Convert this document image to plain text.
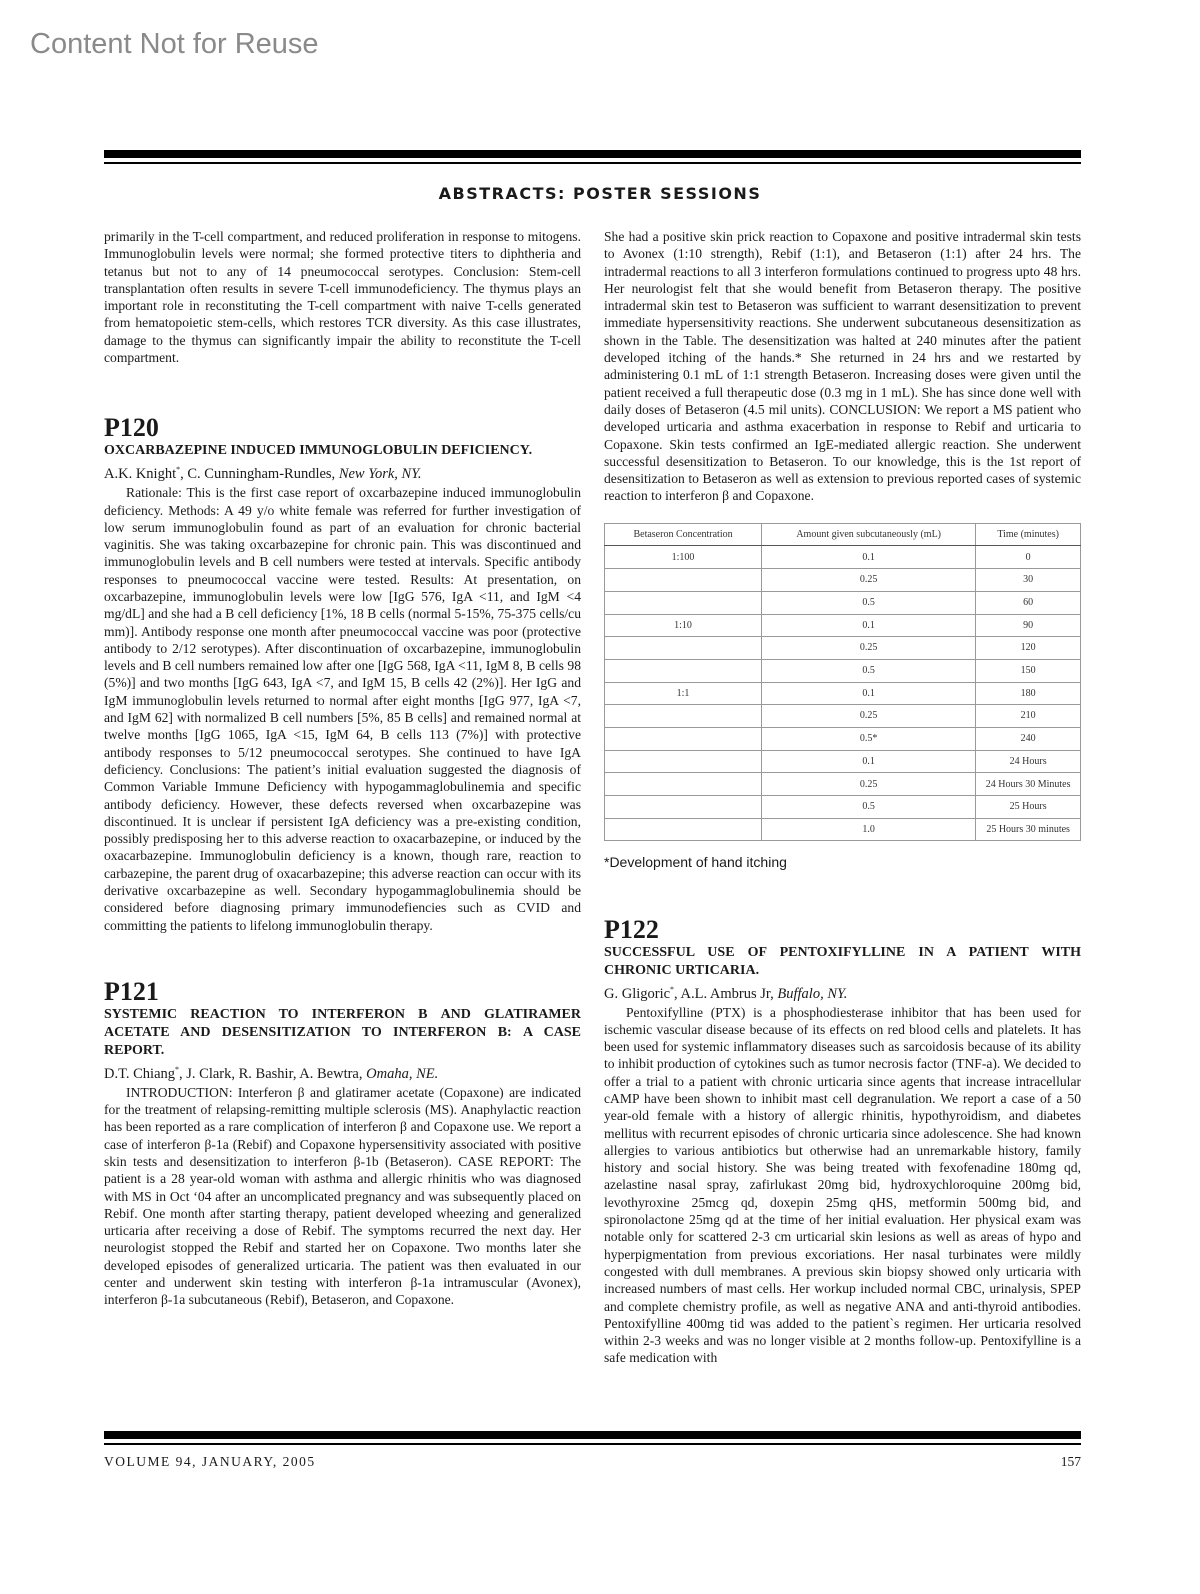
Content Not for Reuse
ABSTRACTS: POSTER SESSIONS

primarily in the T-cell compartment, and reduced proliferation in response to mitogens. Immunoglobulin levels were normal; she formed protective titers to diphtheria and tetanus but not to any of 14 pneumococcal serotypes. Conclusion: Stem-cell transplantation often results in severe T-cell immunodeficiency. The thymus plays an important role in reconstituting the T-cell compartment with naive T-cells generated from hematopoietic stem-cells, which restores TCR diversity. As this case illustrates, damage to the thymus can significantly impair the ability to reconstitute the T-cell compartment.

P120

OXCARBAZEPINE INDUCED IMMUNOGLOBULIN DEFICIENCY.

A.K. Knight*, C. Cunningham-Rundles, New York, NY.

Rationale: This is the first case report of oxcarbazepine induced immunoglobulin deficiency. Methods: A 49 y/o white female was referred for further investigation of low serum immunoglobulin found as part of an evaluation for chronic bacterial vaginitis. She was taking oxcarbazepine for chronic pain. This was discontinued and immunoglobulin levels and B cell numbers were tested at intervals. Specific antibody responses to pneumococcal vaccine were tested. Results: At presentation, on oxcarbazepine, immunoglobulin levels were low [IgG 576, IgA <11, and IgM <4 mg/dL] and she had a B cell deficiency [1%, 18 B cells (normal 5-15%, 75-375 cells/cu mm)]. Antibody response one month after pneumococcal vaccine was poor (protective antibody to 2/12 serotypes). After discontinuation of oxcarbazepine, immunoglobulin levels and B cell numbers remained low after one [IgG 568, IgA <11, IgM 8, B cells 98 (5%)] and two months [IgG 643, IgA <7, and IgM 15, B cells 42 (2%)]. Her IgG and IgM immunoglobulin levels returned to normal after eight months [IgG 977, IgA <7, and IgM 62] with normalized B cell numbers [5%, 85 B cells] and remained normal at twelve months [IgG 1065, IgA <15, IgM 64, B cells 113 (7%)] with protective antibody responses to 5/12 pneumococcal serotypes. She continued to have IgA deficiency. Conclusions: The patient’s initial evaluation suggested the diagnosis of Common Variable Immune Deficiency with hypogammaglobulinemia and specific antibody deficiency. However, these defects reversed when oxcarbazepine was discontinued. It is unclear if persistent IgA deficiency was a pre-existing condition, possibly predisposing her to this adverse reaction to oxacarbazepine, or induced by the oxacarbazepine. Immunoglobulin deficiency is a known, though rare, reaction to carbazepine, the parent drug of oxacarbazepine; this adverse reaction can occur with its derivative oxcarbazepine as well. Secondary hypogammaglobulinemia should be considered before diagnosing primary immunodefiencies such as CVID and committing the patients to lifelong immunoglobulin therapy.

P121

SYSTEMIC REACTION TO INTERFERON Β AND GLATIRAMER ACETATE AND DESENSITIZATION TO INTERFERON Β: A CASE REPORT.

D.T. Chiang*, J. Clark, R. Bashir, A. Bewtra, Omaha, NE.

INTRODUCTION: Interferon β and glatiramer acetate (Copaxone) are indicated for the treatment of relapsing-remitting multiple sclerosis (MS). Anaphylactic reaction has been reported as a rare complication of interferon β and Copaxone use. We report a case of interferon β-1a (Rebif) and Copaxone hypersensitivity associated with positive skin tests and desensitization to interferon β-1b (Betaseron). CASE REPORT: The patient is a 28 year-old woman with asthma and allergic rhinitis who was diagnosed with MS in Oct ‘04 after an uncomplicated pregnancy and was subsequently placed on Rebif. One month after starting therapy, patient developed wheezing and generalized urticaria after receiving a dose of Rebif. The symptoms recurred the next day. Her neurologist stopped the Rebif and started her on Copaxone. Two months later she developed episodes of generalized urticaria. The patient was then evaluated in our center and underwent skin testing with interferon β-1a intramuscular (Avonex), interferon β-1a subcutaneous (Rebif), Betaseron, and Copaxone.

She had a positive skin prick reaction to Copaxone and positive intradermal skin tests to Avonex (1:10 strength), Rebif (1:1), and Betaseron (1:1) after 24 hrs. The intradermal reactions to all 3 interferon formulations continued to progress upto 48 hrs. Her neurologist felt that she would benefit from Betaseron therapy. The positive intradermal skin test to Betaseron was sufficient to warrant desensitization to prevent immediate hypersensitivity reactions. She underwent subcutaneous desensitization as shown in the Table. The desensitization was halted at 240 minutes after the patient developed itching of the hands.* She returned in 24 hrs and we restarted by administering 0.1 mL of 1:1 strength Betaseron. Increasing doses were given until the patient received a full therapeutic dose (0.3 mg in 1 mL). She has since done well with daily doses of Betaseron (4.5 mil units). CONCLUSION: We report a MS patient who developed urticaria and asthma exacerbation in response to Rebif and urticaria to Copaxone. Skin tests confirmed an IgE-mediated allergic reaction. She underwent successful desensitization to Betaseron. To our knowledge, this is the 1st report of desensitization to Betaseron as well as extension to previous reported cases of systemic reaction to interferon β and Copaxone.

Betaseron Concentration	Amount given subcutaneously (mL)	Time (minutes)
1:100	0.1	0
	0.25	30
	0.5	60
1:10	0.1	90
	0.25	120
	0.5	150
1:1	0.1	180
	0.25	210
	0.5*	240
	0.1	24 Hours
	0.25	24 Hours 30 Minutes
	0.5	25 Hours
	1.0	25 Hours 30 minutes

*Development of hand itching

P122

SUCCESSFUL USE OF PENTOXIFYLLINE IN A PATIENT WITH CHRONIC URTICARIA.

G. Gligoric*, A.L. Ambrus Jr, Buffalo, NY.

Pentoxifylline (PTX) is a phosphodiesterase inhibitor that has been used for ischemic vascular disease because of its effects on red blood cells and platelets. It has been used for systemic inflammatory diseases such as sarcoidosis because of its ability to inhibit production of cytokines such as tumor necrosis factor (TNF-a). We decided to offer a trial to a patient with chronic urticaria since agents that increase intracellular cAMP have been shown to inhibit mast cell degranulation. We report a case of a 50 year-old female with a history of allergic rhinitis, hypothyroidism, and diabetes mellitus with recurrent episodes of chronic urticaria since adolescence. She had known allergies to various antibiotics but otherwise had an unremarkable history, family history and social history. She was being treated with fexofenadine 180mg qd, azelastine nasal spray, zafirlukast 20mg bid, hydroxychloroquine 200mg bid, levothyroxine 25mcg qd, doxepin 25mg qHS, metformin 500mg bid, and spironolactone 25mg qd at the time of her initial evaluation. Her physical exam was notable only for scattered 2-3 cm urticarial skin lesions as well as areas of hypo and hyperpigmentation from previous excoriations. Her nasal turbinates were mildly congested with dull membranes. A previous skin biopsy showed only urticaria with increased numbers of mast cells. Her workup included normal CBC, urinalysis, SPEP and complete chemistry profile, as well as negative ANA and anti-thyroid antibodies. Pentoxifylline 400mg tid was added to the patient`s regimen. Her urticaria resolved within 2-3 weeks and was no longer visible at 2 months follow-up. Pentoxifylline is a safe medication with

VOLUME 94, JANUARY, 2005	157
